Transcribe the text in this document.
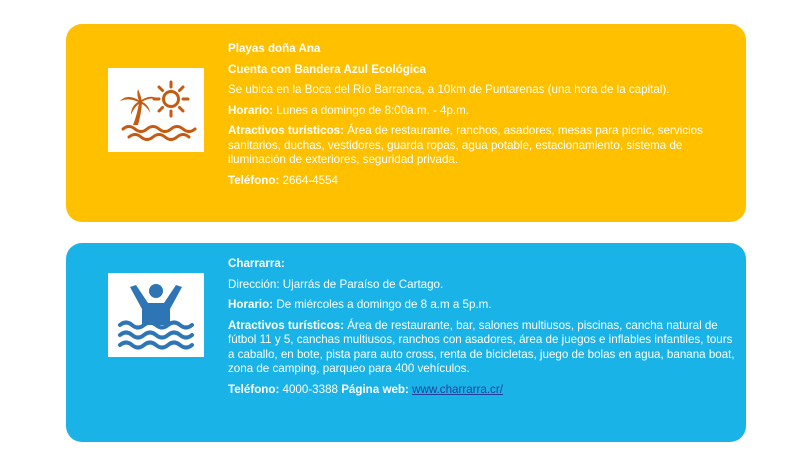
Playas doña Ana

Cuenta con Bandera Azul Ecológica

Se ubica en la Boca del Río Barranca, a 10km de Puntarenas (una hora de la capital).

Horario: Lunes a domingo de 8:00a.m. - 4p.m.

Atractivos turísticos: Área de restaurante, ranchos, asadores, mesas para picnic, servicios sanitarios, duchas, vestidores, guarda ropas, agua potable, estacionamiento, sistema de iluminación de exteriores, seguridad privada.

Teléfono: 2664-4554

Charrarra:

Dirección: Ujarrás de Paraíso de Cartago.

Horario: De miércoles a domingo de 8 a.m a 5p.m.

Atractivos turísticos: Área de restaurante, bar, salones multiusos, piscinas, cancha natural de fútbol 11 y 5, canchas multiusos, ranchos con asadores, área de juegos e inflables infantiles, tours a caballo, en bote, pista para auto cross, renta de bicicletas, juego de bolas en agua, banana boat, zona de camping, parqueo para 400 vehículos.

Teléfono: 4000-3388 Página web: www.charrarra.cr/
